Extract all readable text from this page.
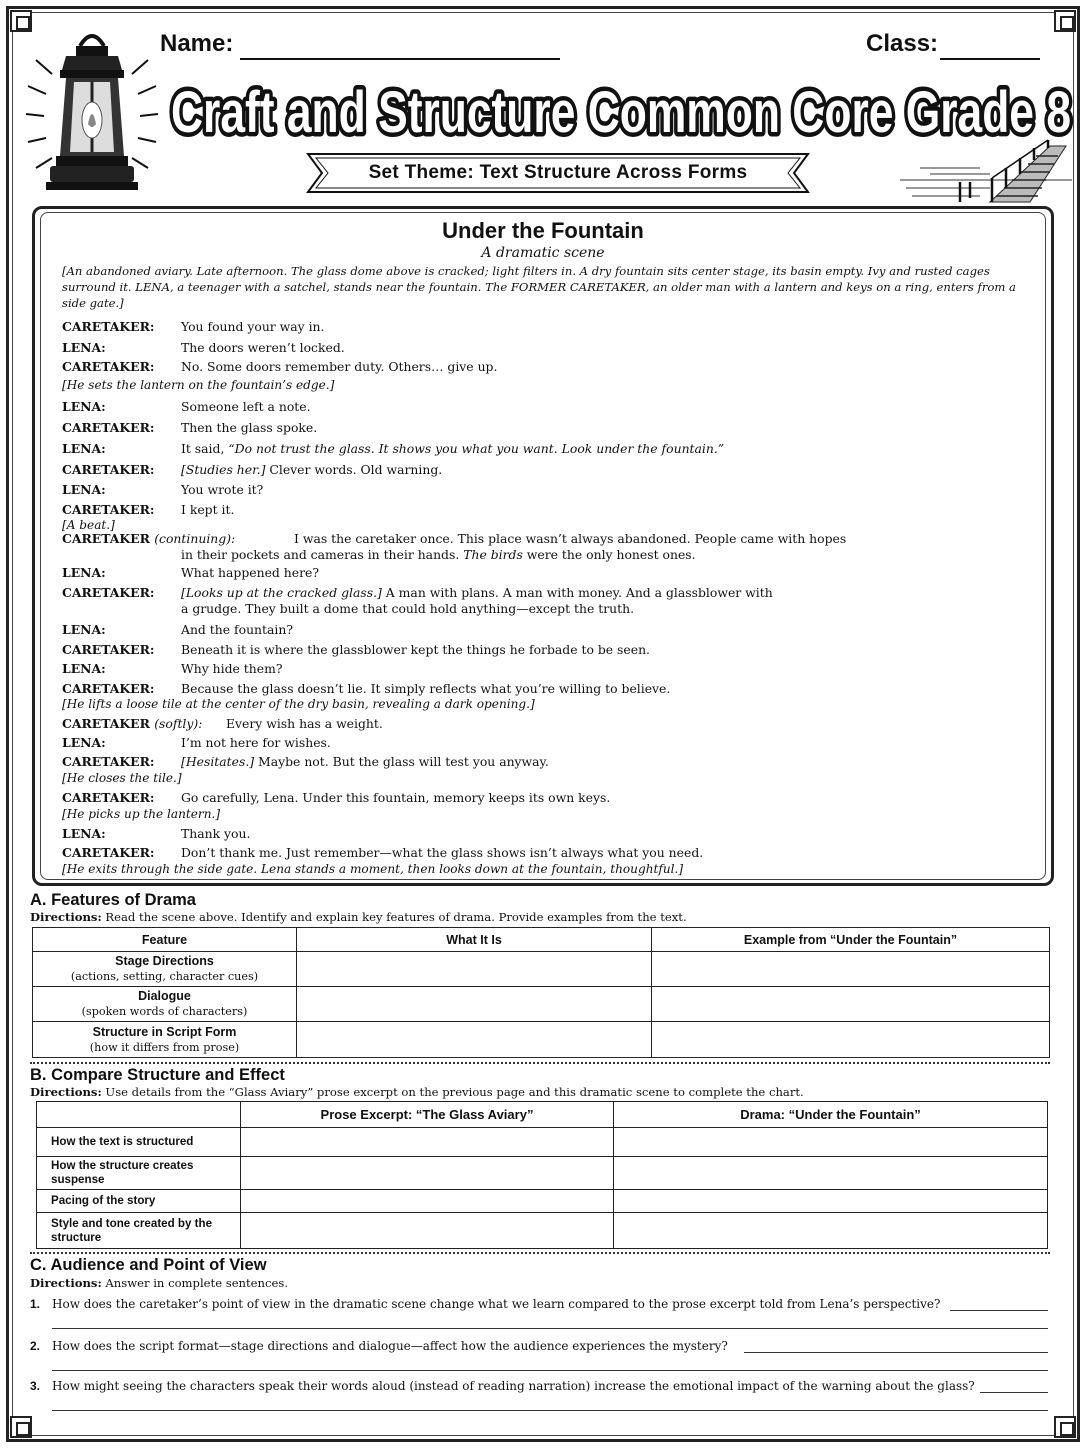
Name:	Class:
Craft and Structure Common Core Grade 8
Set Theme: Text Structure Across Forms
Under the Fountain
A dramatic scene
[An abandoned aviary. Late afternoon. The glass dome above is cracked; light filters in. A dry fountain sits center stage, its basin empty. Ivy and rusted cages surround it. LENA, a teenager with a satchel, stands near the fountain. The FORMER CARETAKER, an older man with a lantern and keys on a ring, enters from a side gate.]
CARETAKER: You found your way in.
LENA:	The doors weren’t locked.
CARETAKER: No. Some doors remember duty. Others… give up.
[He sets the lantern on the fountain’s edge.]
LENA:	Someone left a note.
CARETAKER: Then the glass spoke.
LENA:	It said, “Do not trust the glass. It shows you what you want. Look under the fountain.”
CARETAKER: [Studies her.] Clever words. Old warning.
LENA:	You wrote it?
CARETAKER: I kept it.
[A beat.]
CARETAKER (continuing):	I was the caretaker once. This place wasn’t always abandoned. People came with hopes
in their pockets and cameras in their hands. The birds were the only honest ones.
LENA:	What happened here?
CARETAKER: [Looks up at the cracked glass.] A man with plans. A man with money. And a glassblower with
a grudge. They built a dome that could hold anything—except the truth.
LENA:	And the fountain?
CARETAKER: Beneath it is where the glassblower kept the things he forbade to be seen.
LENA:	Why hide them?
CARETAKER: Because the glass doesn’t lie. It simply reflects what you’re willing to believe.
[He lifts a loose tile at the center of the dry basin, revealing a dark opening.]
CARETAKER (softly): Every wish has a weight.
LENA:	I’m not here for wishes.
CARETAKER: [Hesitates.] Maybe not. But the glass will test you anyway.
[He closes the tile.]
CARETAKER: Go carefully, Lena. Under this fountain, memory keeps its own keys.
[He picks up the lantern.]
LENA:	Thank you.
CARETAKER: Don’t thank me. Just remember—what the glass shows isn’t always what you need.
[He exits through the side gate. Lena stands a moment, then looks down at the fountain, thoughtful.]
A. Features of Drama
Directions: Read the scene above. Identify and explain key features of drama. Provide examples from the text.
Feature	What It Is	Example from “Under the Fountain”
Stage Directions
(actions, setting, character cues)		

Dialogue
(spoken words of characters)		

Structure in Script Form
(how it differs from prose)		

B. Compare Structure and Effect
Directions: Use details from the “Glass Aviary” prose excerpt on the previous page and this dramatic scene to complete the chart.
	Prose Excerpt: “The Glass Aviary”	Drama: “Under the Fountain”
How the text is structured		
How the structure creates suspense		
Pacing of the story		
Style and tone created by the structure		
C. Audience and Point of View
Directions: Answer in complete sentences.
1. How does the caretaker’s point of view in the dramatic scene change what we learn compared to the prose excerpt told from Lena’s perspective?
2. How does the script format—stage directions and dialogue—affect how the audience experiences the mystery?
3. How might seeing the characters speak their words aloud (instead of reading narration) increase the emotional impact of the warning about the glass?
